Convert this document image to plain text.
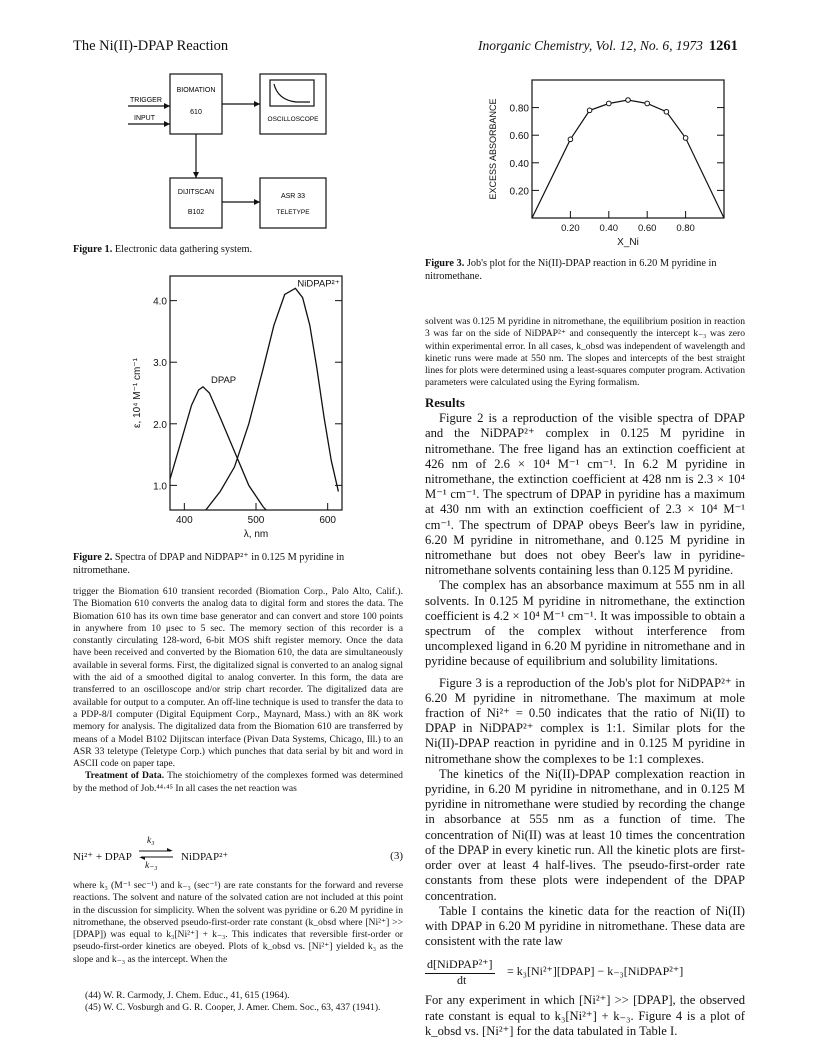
The Ni(II)-DPAP Reaction	Inorganic Chemistry, Vol. 12, No. 6, 1973 1261
TRIGGER
INPUT
BIOMATION
610
OSCILLOSCOPE
DIJITSCAN
B102
ASR 33
TELETYPE
Figure 1. Electronic data gathering system.
1.0
2.0
3.0
4.0
400	500	600
λ, nm
ε, 10⁴ M⁻¹ cm⁻¹	DPAP
NiDPAP²⁺
Figure 2. Spectra of DPAP and NiDPAP²⁺ in 0.125 M pyridine in nitromethane.

trigger the Biomation 610 transient recorded (Biomation Corp., Palo Alto, Calif.). The Biomation 610 converts the analog data to digital form and stores the data. The Biomation 610 has its own time base generator and can convert and store 100 points in anywhere from 10 μsec to 5 sec. The memory section of this recorder is a constantly circulating 128-word, 6-bit MOS shift register memory. Once the data have been received and converted by the Biomation 610, the data are simultaneously available in several forms. First, the digitalized signal is converted to an analog signal with the aid of a smoothed digital to analog converter. In this form, the data are transferred to an oscilloscope and/or strip chart recorder. The digitalized data are available for output to a computer. An off-line technique is used to transfer the data to a PDP-8/I computer (Digital Equipment Corp., Maynard, Mass.) with an 8K work memory for analysis. The digitalized data from the Biomation 610 are transferred by means of a Model B102 Dijitscan interface (Pivan Data Systems, Chicago, Ill.) to an ASR 33 teletype (Teletype Corp.) which punches that data serial by bit and word in ASCII code on paper tape.

Treatment of Data. The stoichiometry of the complexes formed was determined by the method of Job.⁴⁴·⁴⁵ In all cases the net reaction was

Ni²⁺ + DPAP
k₃
k₋₃
NiDPAP²⁺	(3)

where k₃ (M⁻¹ sec⁻¹) and k₋₃ (sec⁻¹) are rate constants for the forward and reverse reactions. The solvent and nature of the solvated cation are not included at this point in the discussion for simplicity. When the solvent was pyridine or 6.20 M pyridine in nitromethane, the observed pseudo-first-order rate constant (k_obsd where [Ni²⁺] >> [DPAP]) was equal to k₃[Ni²⁺] + k₋₃. This indicates that reversible first-order or pseudo-first-order kinetics are obeyed. Plots of k_obsd vs. [Ni²⁺] yielded k₃ as the slope and k₋₃ as the intercept. When the

(44) W. R. Carmody, J. Chem. Educ., 41, 615 (1964).
(45) W. C. Vosburgh and G. R. Cooper, J. Amer. Chem. Soc., 63, 437 (1941).
0.20
0.40
0.60
0.80
0.20 0.40 0.60 0.80
X_Ni
EXCESS ABSORBANCE
Figure 3. Job's plot for the Ni(II)-DPAP reaction in 6.20 M pyridine in nitromethane.

solvent was 0.125 M pyridine in nitromethane, the equilibrium position in reaction 3 was far on the side of NiDPAP²⁺ and consequently the intercept k₋₃ was zero within experimental error. In all cases, k_obsd was independent of wavelength and kinetic runs were made at 550 nm. The slopes and intercepts of the best straight lines for plots were determined using a least-squares computer program. Activation parameters were calculated using the Eyring formalism.

Results

Figure 2 is a reproduction of the visible spectra of DPAP and the NiDPAP²⁺ complex in 0.125 M pyridine in nitromethane. The free ligand has an extinction coefficient at 426 nm of 2.6 × 10⁴ M⁻¹ cm⁻¹. In 6.2 M pyridine in nitromethane, the extinction coefficient at 428 nm is 2.3 × 10⁴ M⁻¹ cm⁻¹. The spectrum of DPAP in pyridine has a maximum at 430 nm with an extinction coefficient of 2.3 × 10⁴ M⁻¹ cm⁻¹. The spectrum of DPAP obeys Beer's law in pyridine, 6.20 M pyridine in nitromethane, and 0.125 M pyridine in nitromethane but does not obey Beer's law in pyridine-nitromethane solvents containing less than 0.125 M pyridine.

The complex has an absorbance maximum at 555 nm in all solvents. In 0.125 M pyridine in nitromethane, the extinction coefficient is 4.2 × 10⁴ M⁻¹ cm⁻¹. It was impossible to obtain a spectrum of the complex without interference from uncomplexed ligand in 6.20 M pyridine in nitromethane and in pyridine because of equilibrium and solubility limitations.

Figure 3 is a reproduction of the Job's plot for NiDPAP²⁺ in 6.20 M pyridine in nitromethane. The maximum at mole fraction of Ni²⁺ = 0.50 indicates that the ratio of Ni(II) to DPAP in NiDPAP²⁺ complex is 1:1. Similar plots for the Ni(II)-DPAP reaction in pyridine and in 0.125 M pyridine in nitromethane show the complexes to be 1:1 complexes.

The kinetics of the Ni(II)-DPAP complexation reaction in pyridine, in 6.20 M pyridine in nitromethane, and in 0.125 M pyridine in nitromethane were studied by recording the change in absorbance at 555 nm as a function of time. The concentration of Ni(II) was at least 10 times the concentration of the DPAP in every kinetic run. All the kinetic plots are first-order over at least 4 half-lives. The pseudo-first-order rate constants from these plots were independent of the DPAP concentration.

Table I contains the kinetic data for the reaction of Ni(II) with DPAP in 6.20 M pyridine in nitromethane. These data are consistent with the rate law

d[NiDPAP²⁺]
dt
= k₃[Ni²⁺][DPAP] − k₋₃[NiDPAP²⁺]

For any experiment in which [Ni²⁺] >> [DPAP], the observed rate constant is equal to k₃[Ni²⁺] + k₋₃. Figure 4 is a plot of k_obsd vs. [Ni²⁺] for the data tabulated in Table I.
